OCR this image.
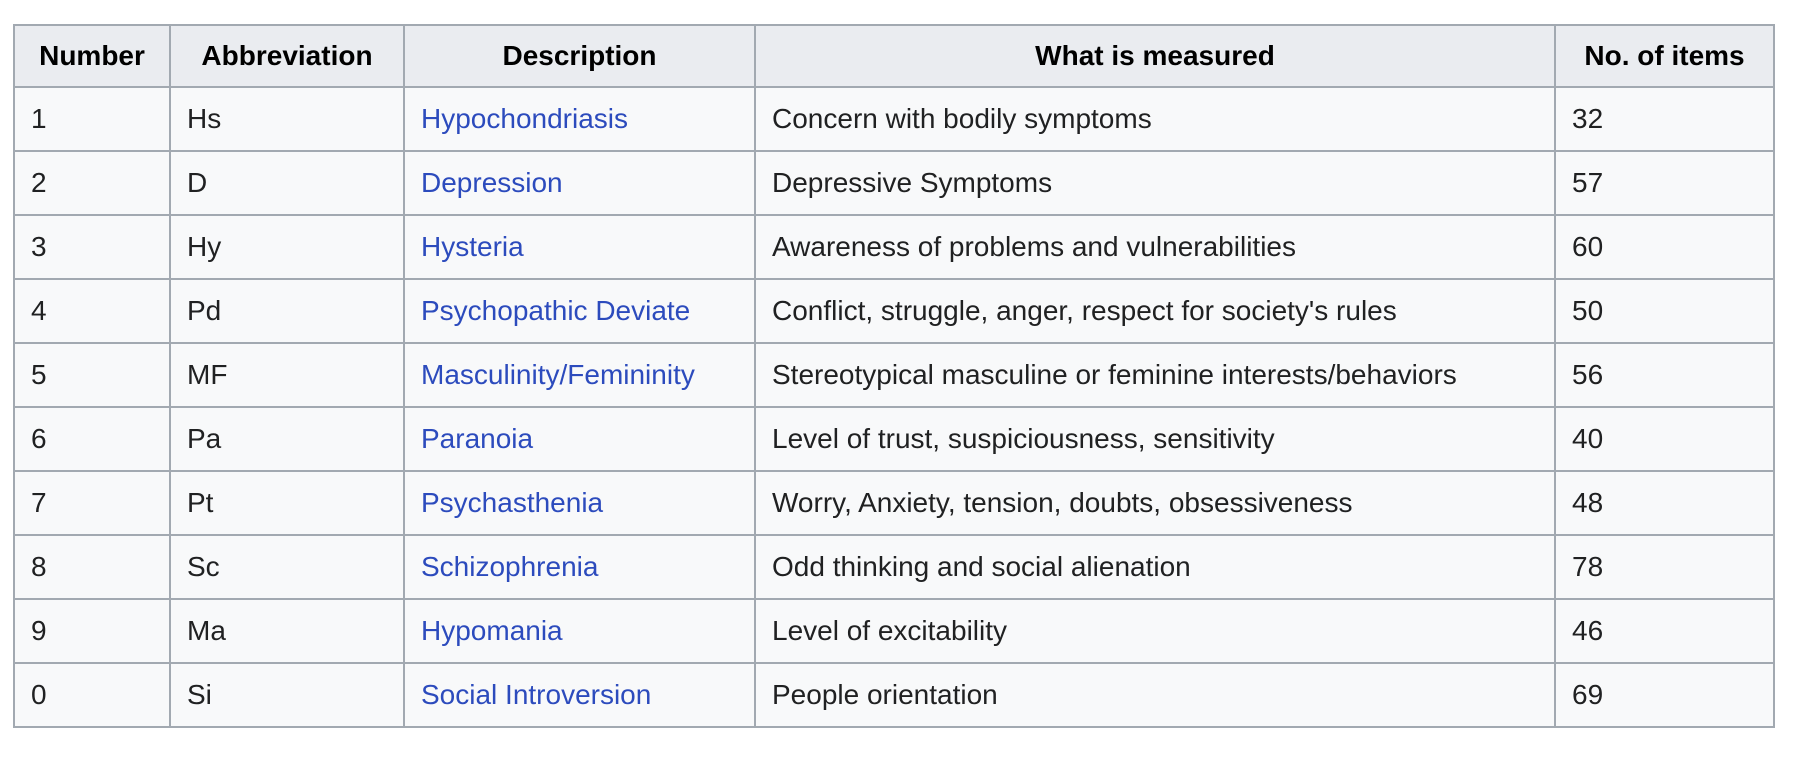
Number	Abbreviation	Description	What is measured	No. of items
1	Hs	Hypochondriasis	Concern with bodily symptoms	32
2	D	Depression	Depressive Symptoms	57
3	Hy	Hysteria	Awareness of problems and vulnerabilities	60
4	Pd	Psychopathic Deviate	Conflict, struggle, anger, respect for society's rules	50
5	MF	Masculinity/Femininity	Stereotypical masculine or feminine interests/behaviors	56
6	Pa	Paranoia	Level of trust, suspiciousness, sensitivity	40
7	Pt	Psychasthenia	Worry, Anxiety, tension, doubts, obsessiveness	48
8	Sc	Schizophrenia	Odd thinking and social alienation	78
9	Ma	Hypomania	Level of excitability	46
0	Si	Social Introversion	People orientation	69
